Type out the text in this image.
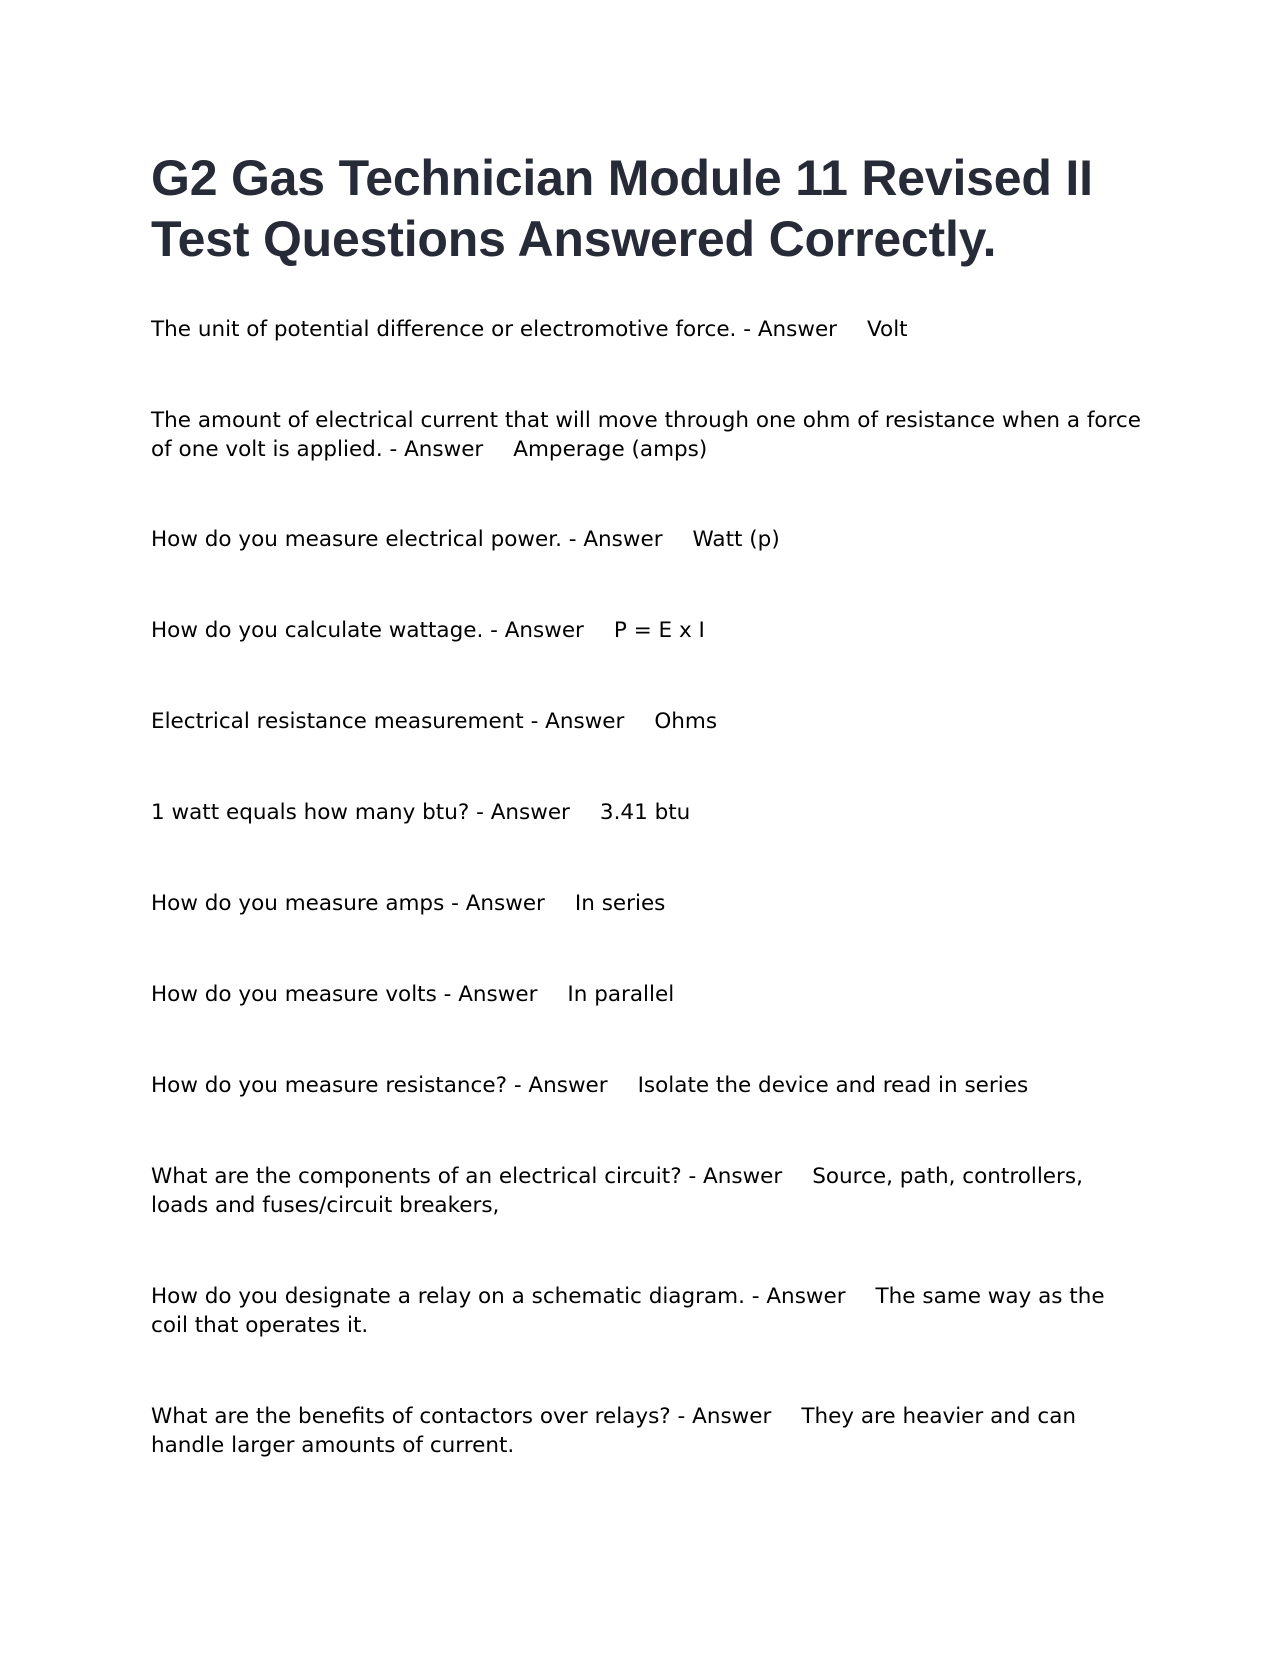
G2 Gas Technician Module 11 Revised II Test Questions Answered Correctly.

The unit of potential difference or electromotive force. - Answer Volt

The amount of electrical current that will move through one ohm of resistance when a force of one volt is applied. - Answer Amperage (amps)

How do you measure electrical power. - Answer Watt (p)

How do you calculate wattage. - Answer P = E x I

Electrical resistance measurement - Answer Ohms

1 watt equals how many btu? - Answer 3.41 btu

How do you measure amps - Answer In series

How do you measure volts - Answer In parallel

How do you measure resistance? - Answer Isolate the device and read in series

What are the components of an electrical circuit? - Answer Source, path, controllers, loads and fuses/circuit breakers,

How do you designate a relay on a schematic diagram. - Answer The same way as the coil that operates it.

What are the benefits of contactors over relays? - Answer They are heavier and can handle larger amounts of current.
